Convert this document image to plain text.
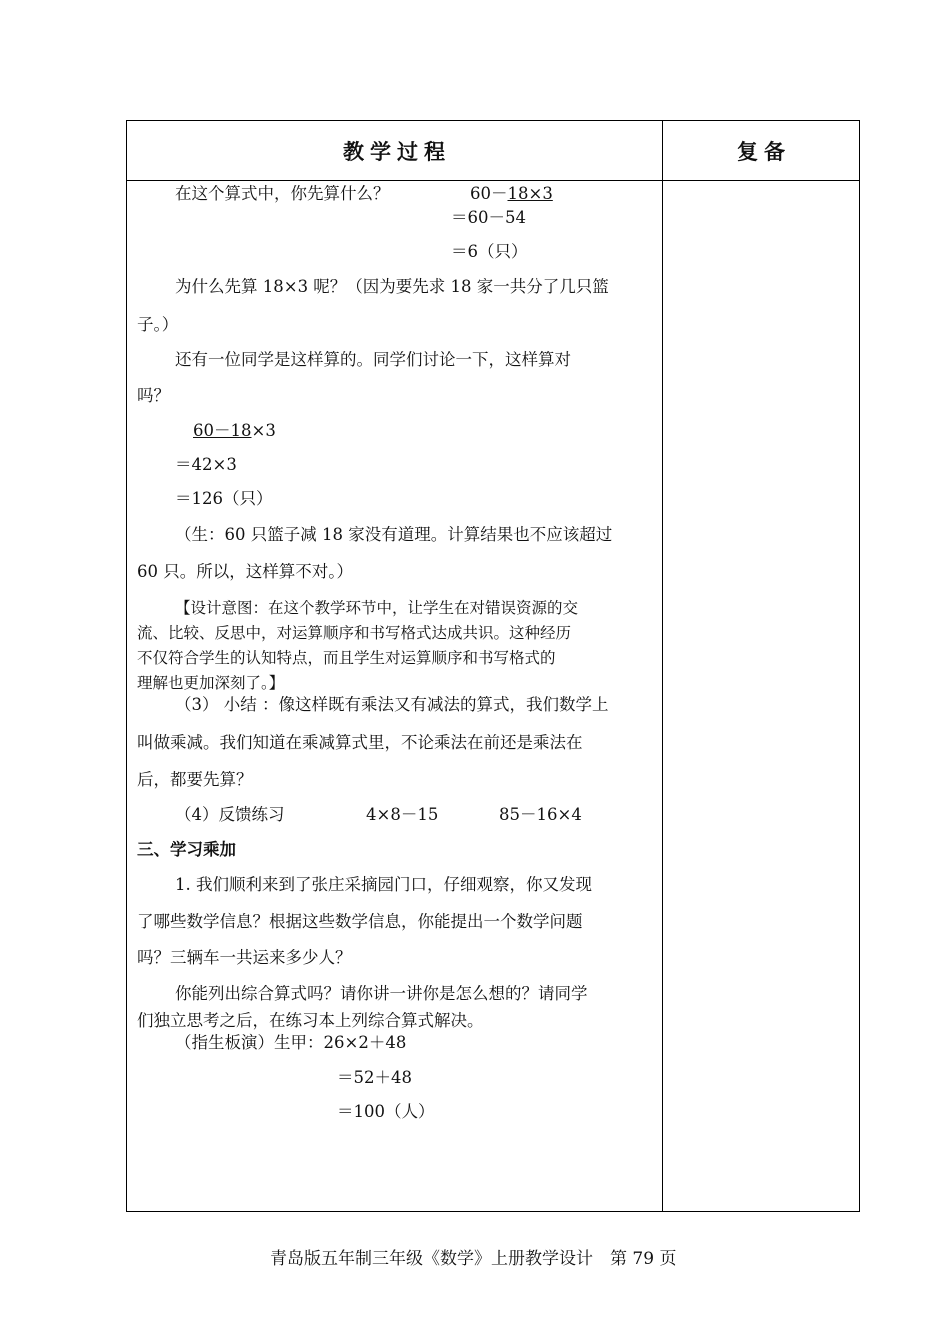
教学过程	复备
在这个算式中，你先算什么？	60－18×3
＝60－54
＝6（只）
为什么先算 18×3 呢？（因为要先求 18 家一共分了几只篮
子。）
还有一位同学是这样算的。同学们讨论一下，这样算对
吗？
60－18×3
＝42×3
＝126（只）
（生：60 只篮子减 18 家没有道理。计算结果也不应该超过
60 只。所以，这样算不对。）
【设计意图：在这个教学环节中，让学生在对错误资源的交
流、比较、反思中，对运算顺序和书写格式达成共识。这种经历
不仅符合学生的认知特点，而且学生对运算顺序和书写格式的
理解也更加深刻了。】
（3） 小结 ：像这样既有乘法又有减法的算式，我们数学上
叫做乘减。我们知道在乘减算式里，不论乘法在前还是乘法在
后，都要先算？
（4）反馈练习	4×8－15	85－16×4
三、学习乘加
1. 我们顺利来到了张庄采摘园门口，仔细观察，你又发现
了哪些数学信息？根据这些数学信息，你能提出一个数学问题
吗？三辆车一共运来多少人？
你能列出综合算式吗？请你讲一讲你是怎么想的？请同学
们独立思考之后，在练习本上列综合算式解决。
（指生板演）生甲：26×2＋48
＝52＋48
＝100（人）
青岛版五年制三年级《数学》上册教学设计　第 79 页
